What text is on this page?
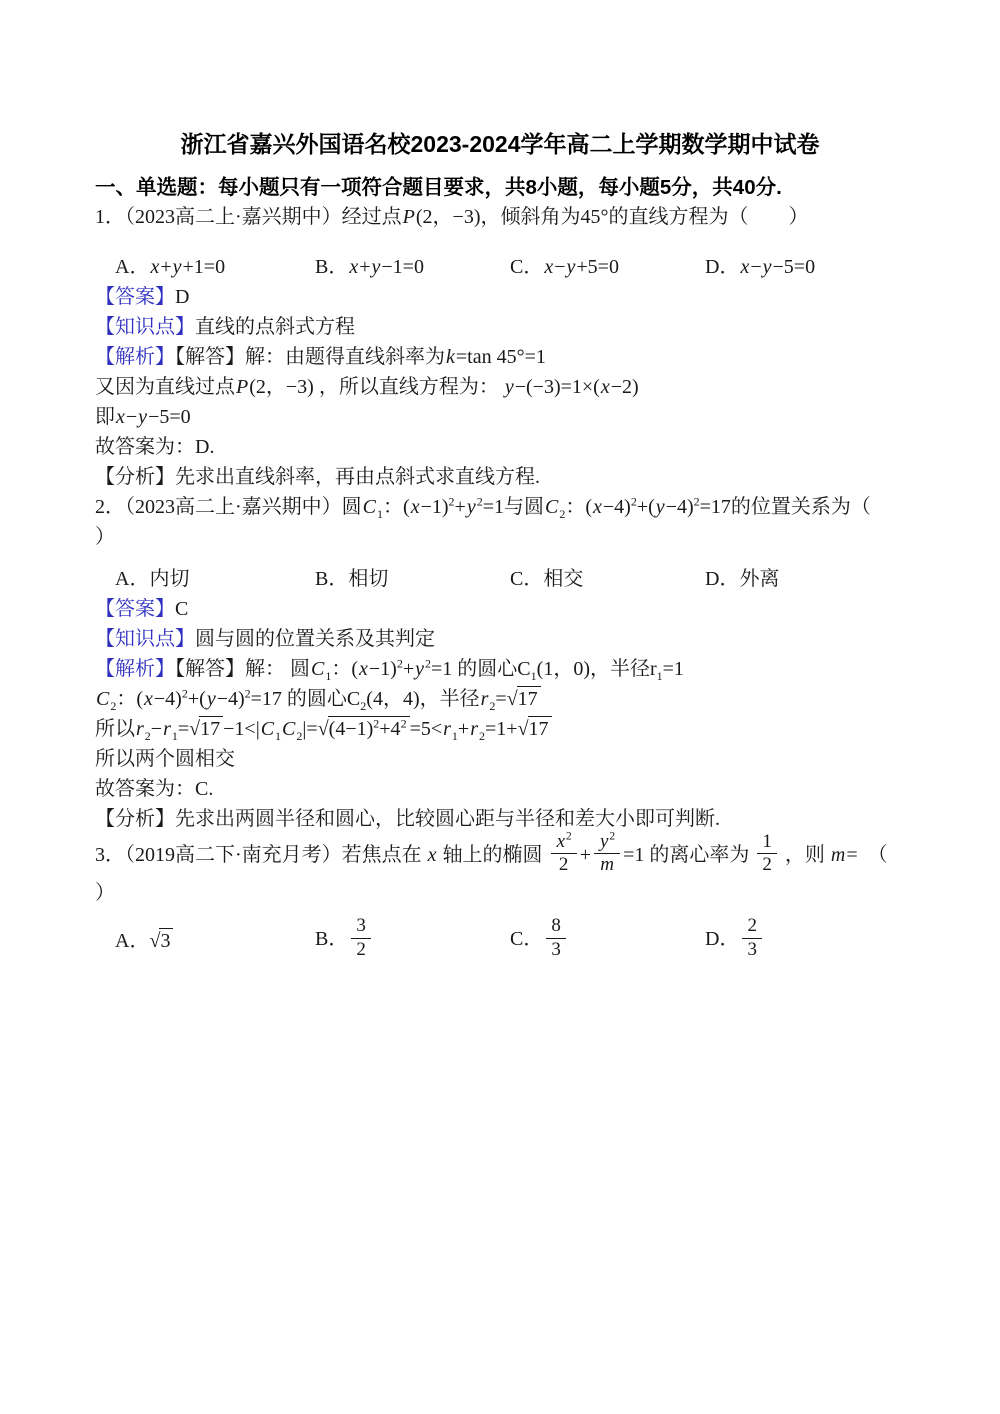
浙江省嘉兴外国语名校2023-2024学年高二上学期数学期中试卷
一、单选题：每小题只有一项符合题目要求，共8小题，每小题5分，共40分.

1．（2023高二上·嘉兴期中）经过点P(2，−3)，倾斜角为45°的直线方程为（　　）

A．x+y+1=0	B．x+y−1=0	C．x−y+5=0	D．x−y−5=0

【答案】D

【知识点】直线的点斜式方程

【解析】【解答】解：由题得直线斜率为k=tan 45°=1

又因为直线过点P(2，−3) ，所以直线方程为： y−(−3)=1×(x−2)

即x−y−5=0

故答案为：D.

【分析】先求出直线斜率，再由点斜式求直线方程.

2．（2023高二上·嘉兴期中）圆$C_1$：$(x-1)^2+y^2=1$与圆$C_2$：$(x-4)^2+(y-4)^2=17$的位置关系为（

）

A．内切	B．相切	C．相交	D．外离

【答案】C

【知识点】圆与圆的位置关系及其判定

【解析】【解答】解： 圆$C_1$：$(x-1)^2+y^2=1$ 的圆心$C_1(1$，0)，半径$r_1=1$

$C_2$：$(x-4)^2+(y-4)^2=17$ 的圆心$C_2(4$，4)，半径$r_2=√17$

所以$r_2-r_1=√17 -1<|C_1C_2|=√(4-1)^2+4^2 =5<r_1+r_2=1+√17$

所以两个圆相交

故答案为：C.

【分析】先求出两圆半径和圆心，比较圆心距与半径和差大小即可判断.

3．（2019高二下·南充月考）若焦点在 x 轴上的椭圆 $\frac{x^2}{2} + \frac{y^2}{m} =1$ 的离心率为 $\frac{1}{2}$ ，则 m=　（

）

A．√3	B． $\frac{3}{2}$	C． $\frac{8}{3}$	D． $\frac{2}{3}$
